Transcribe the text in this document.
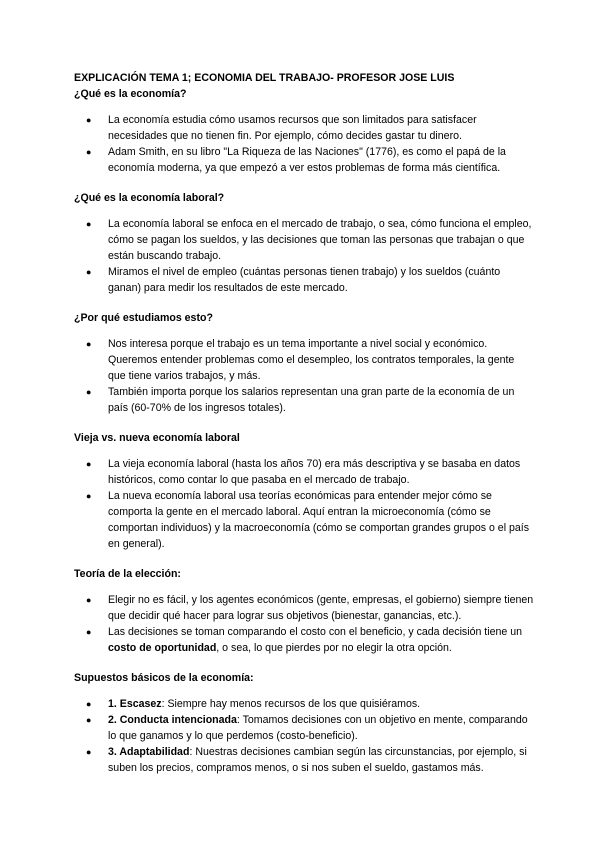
EXPLICACIÓN TEMA 1; ECONOMIA DEL TRABAJO- PROFESOR JOSE LUIS

¿Qué es la economía?
● La economía estudia cómo usamos recursos que son limitados para satisfacer necesidades que no tienen fin. Por ejemplo, cómo decides gastar tu dinero.
● Adam Smith, en su libro "La Riqueza de las Naciones" (1776), es como el papá de la economía moderna, ya que empezó a ver estos problemas de forma más científica.
¿Qué es la economía laboral?
● La economía laboral se enfoca en el mercado de trabajo, o sea, cómo funciona el empleo, cómo se pagan los sueldos, y las decisiones que toman las personas que trabajan o que están buscando trabajo.
● Miramos el nivel de empleo (cuántas personas tienen trabajo) y los sueldos (cuánto ganan) para medir los resultados de este mercado.
¿Por qué estudiamos esto?
● Nos interesa porque el trabajo es un tema importante a nivel social y económico. Queremos entender problemas como el desempleo, los contratos temporales, la gente que tiene varios trabajos, y más.
● También importa porque los salarios representan una gran parte de la economía de un país (60-70% de los ingresos totales).
Vieja vs. nueva economía laboral
● La vieja economía laboral (hasta los años 70) era más descriptiva y se basaba en datos históricos, como contar lo que pasaba en el mercado de trabajo.
● La nueva economía laboral usa teorías económicas para entender mejor cómo se comporta la gente en el mercado laboral. Aquí entran la microeconomía (cómo se comportan individuos) y la macroeconomía (cómo se comportan grandes grupos o el país en general).
Teoría de la elección:
● Elegir no es fácil, y los agentes económicos (gente, empresas, el gobierno) siempre tienen que decidir qué hacer para lograr sus objetivos (bienestar, ganancias, etc.).
● Las decisiones se toman comparando el costo con el beneficio, y cada decisión tiene un costo de oportunidad, o sea, lo que pierdes por no elegir la otra opción.
Supuestos básicos de la economía:
● 1. Escasez: Siempre hay menos recursos de los que quisiéramos.
● 2. Conducta intencionada: Tomamos decisiones con un objetivo en mente, comparando lo que ganamos y lo que perdemos (costo-beneficio).
● 3. Adaptabilidad: Nuestras decisiones cambian según las circunstancias, por ejemplo, si suben los precios, compramos menos, o si nos suben el sueldo, gastamos más.
